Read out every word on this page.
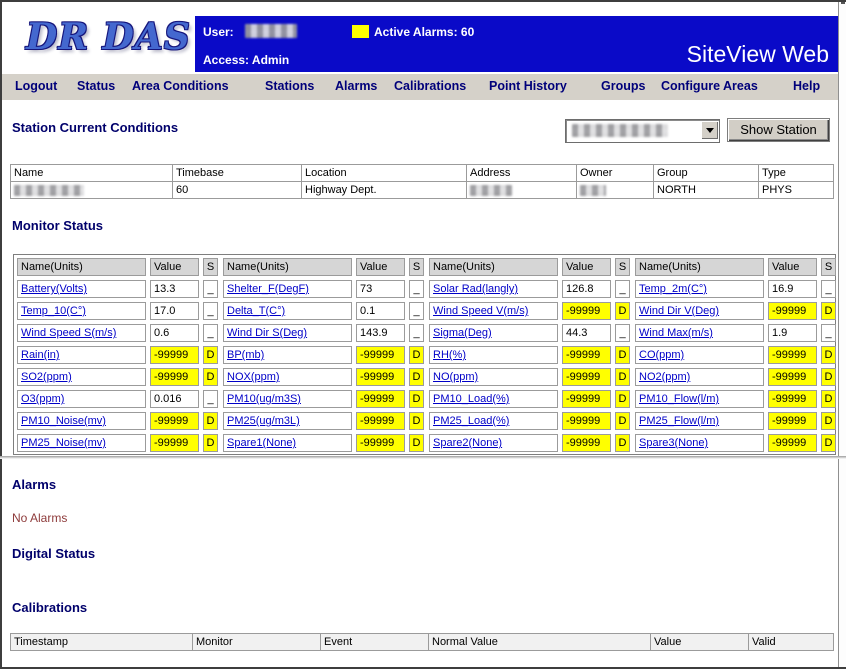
DR DAS User:	Active Alarms: 60
Access: Admin	SiteView Web
Logout Status Area Conditions	Stations Alarms Calibrations Point History	Groups Configure Areas	Help
Station Current Conditions	Show Station
Name	Timebase	Location	Address	Owner	Group	Type
	60	Highway Dept.			NORTH	PHYS
Monitor Status
Name(Units)	Value	S	Name(Units)	Value	S	Name(Units)	Value	S	Name(Units)	Value	S
Battery(Volts)	13.3	_	Shelter_F(DegF)	73	_	Solar Rad(langly)	126.8	_	Temp_2m(C°)	16.9	_
Temp_10(C°)	17.0	_	Delta_T(C°)	0.1	_	Wind Speed V(m/s)	-99999	D	Wind Dir V(Deg)	-99999	D
Wind Speed S(m/s)	0.6	_	Wind Dir S(Deg)	143.9	_	Sigma(Deg)	44.3	_	Wind Max(m/s)	1.9	_
Rain(in)	-99999	D	BP(mb)	-99999	D	RH(%)	-99999	D	CO(ppm)	-99999	D
SO2(ppm)	-99999	D	NOX(ppm)	-99999	D	NO(ppm)	-99999	D	NO2(ppm)	-99999	D
O3(ppm)	0.016	_	PM10(ug/m3S)	-99999	D	PM10_Load(%)	-99999	D	PM10_Flow(l/m)	-99999	D
PM10_Noise(mv)	-99999	D	PM25(ug/m3L)	-99999	D	PM25_Load(%)	-99999	D	PM25_Flow(l/m)	-99999	D
PM25_Noise(mv)	-99999	D	Spare1(None)	-99999	D	Spare2(None)	-99999	D	Spare3(None)	-99999	D
Alarms
No Alarms
Digital Status
Calibrations
Timestamp	Monitor	Event	Normal Value	Value	Valid
